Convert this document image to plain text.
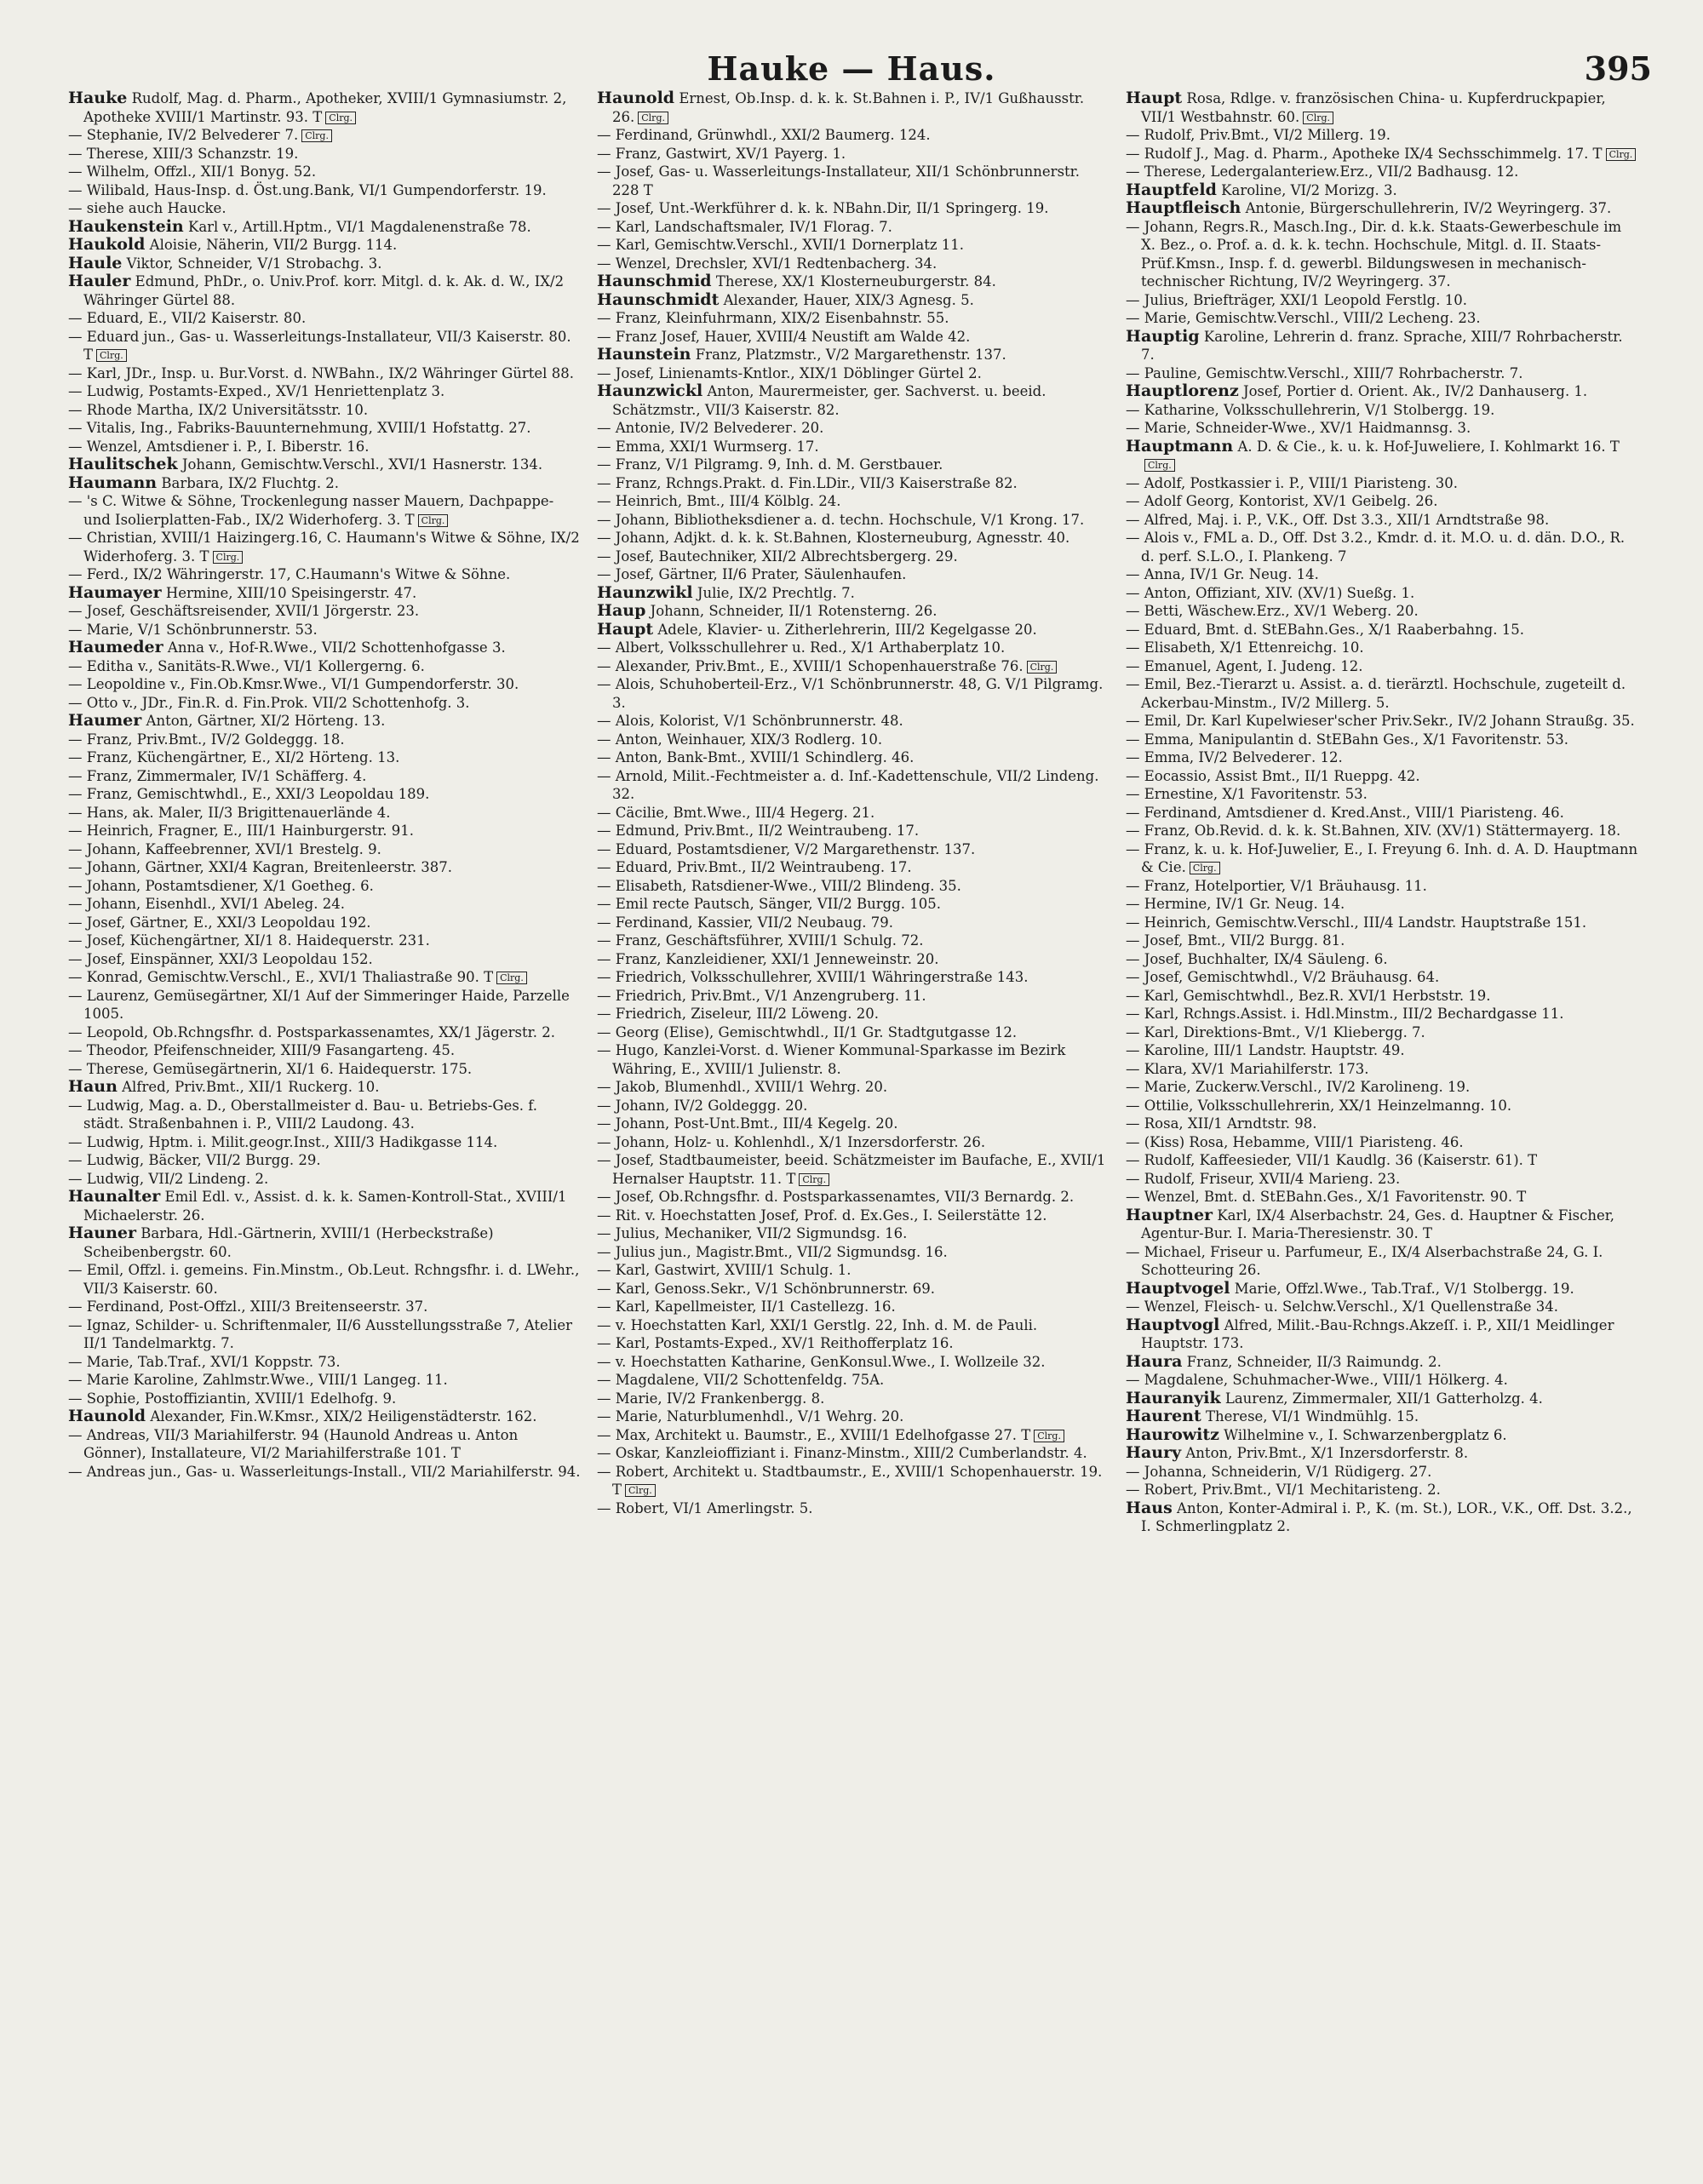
Hauke — Haus.	395

Hauke Rudolf, Mag. d. Pharm., Apotheker, XVIII/1 Gymnasiumstr. 2, Apotheke XVIII/1 Martinstr. 93. T Clrg.

— Stephanie, IV/2 Belvederег 7. Clrg.

— Therese, XIII/3 Schanzstr. 19.

— Wilhelm, Offzl., XII/1 Bonyg. 52.

— Wilibald, Haus-Insp. d. Öst.ung.Bank, VI/1 Gumpendorferstr. 19.

— siehe auch Haucke.

Haukenstein Karl v., Artill.Hptm., VI/1 Magdalenenstraße 78.

Haukold Aloisie, Näherin, VII/2 Burgg. 114.

Haule Viktor, Schneider, V/1 Strobachg. 3.

Hauler Edmund, PhDr., o. Univ.Prof. korr. Mitgl. d. k. Ak. d. W., IX/2 Währinger Gürtel 88.

— Eduard, E., VII/2 Kaiserstr. 80.

— Eduard jun., Gas- u. Wasserleitungs-Installateur, VII/3 Kaiserstr. 80. T Clrg.

— Karl, JDr., Insp. u. Bur.Vorst. d. NWBahn., IX/2 Währinger Gürtel 88.

— Ludwig, Postamts-Exped., XV/1 Henriettenplatz 3.

— Rhode Martha, IX/2 Universitätsstr. 10.

— Vitalis, Ing., Fabriks-Bauunternehmung, XVIII/1 Hofstattg. 27.

— Wenzel, Amtsdiener i. P., I. Biberstr. 16.

Haulitschek Johann, Gemischtw.Verschl., XVI/1 Hasnerstr. 134.

Haumann Barbara, IX/2 Fluchtg. 2.

— 's C. Witwe & Söhne, Trockenlegung nasser Mauern, Dachpappe- und Isolierplatten-Fab., IX/2 Widerhoferg. 3. T Clrg.

— Christian, XVIII/1 Haizingerg.16, C. Haumann's Witwe & Söhne, IX/2 Widerhoferg. 3. T Clrg.

— Ferd., IX/2 Währingerstr. 17, C.Haumann's Witwe & Söhne.

Haumayer Hermine, XIII/10 Speisingerstr. 47.

— Josef, Geschäftsreisender, XVII/1 Jörgerstr. 23.

— Marie, V/1 Schönbrunnerstr. 53.

Haumeder Anna v., Hof-R.Wwe., VII/2 Schottenhofgasse 3.

— Editha v., Sanitäts-R.Wwe., VI/1 Kollergerng. 6.

— Leopoldine v., Fin.Ob.Kmsr.Wwe., VI/1 Gumpendorferstr. 30.

— Otto v., JDr., Fin.R. d. Fin.Prok. VII/2 Schottenhofg. 3.

Haumer Anton, Gärtner, XI/2 Hörteng. 13.

— Franz, Priv.Bmt., IV/2 Goldeggg. 18.

— Franz, Küchengärtner, E., XI/2 Hörteng. 13.

— Franz, Zimmermaler, IV/1 Schäfferg. 4.

— Franz, Gemischtwhdl., E., XXI/3 Leopoldau 189.

— Hans, ak. Maler, II/3 Brigittenauerlände 4.

— Heinrich, Fragner, E., III/1 Hainburgerstr. 91.

— Johann, Kaffeebrenner, XVI/1 Brestelg. 9.

— Johann, Gärtner, XXI/4 Kagran, Breitenleerstr. 387.

— Johann, Postamtsdiener, X/1 Goetheg. 6.

— Johann, Eisenhdl., XVI/1 Abeleg. 24.

— Josef, Gärtner, E., XXI/3 Leopoldau 192.

— Josef, Küchengärtner, XI/1 8. Haidequerstr. 231.

— Josef, Einspänner, XXI/3 Leopoldau 152.

— Konrad, Gemischtw.Verschl., E., XVI/1 Thaliastraße 90. T Clrg.

— Laurenz, Gemüsegärtner, XI/1 Auf der Simmeringer Haide, Parzelle 1005.

— Leopold, Ob.Rchngsfhr. d. Postsparkassenamtes, XX/1 Jägerstr. 2.

— Theodor, Pfeifenschneider, XIII/9 Fasangarteng. 45.

— Therese, Gemüsegärtnerin, XI/1 6. Haidequerstr. 175.

Haun Alfred, Priv.Bmt., XII/1 Ruckerg. 10.

— Ludwig, Mag. a. D., Oberstallmeister d. Bau- u. Betriebs-Ges. f. städt. Straßenbahnen i. P., VIII/2 Laudong. 43.

— Ludwig, Hptm. i. Milit.geogr.Inst., XIII/3 Hadikgasse 114.

— Ludwig, Bäcker, VII/2 Burgg. 29.

— Ludwig, VII/2 Lindeng. 2.

Haunalter Emil Edl. v., Assist. d. k. k. Samen-Kontroll-Stat., XVIII/1 Michaelerstr. 26.

Hauner Barbara, Hdl.-Gärtnerin, XVIII/1 (Herbeckstraße) Scheibenbergstr. 60.

— Emil, Offzl. i. gemeins. Fin.Minstm., Ob.Leut. Rchngsfhr. i. d. LWehr., VII/3 Kaiserstr. 60.

— Ferdinand, Post-Offzl., XIII/3 Breitenseerstr. 37.

— Ignaz, Schilder- u. Schriftenmaler, II/6 Ausstellungsstraße 7, Atelier II/1 Tandelmarktg. 7.

— Marie, Tab.Traf., XVI/1 Koppstr. 73.

— Marie Karoline, Zahlmstr.Wwe., VIII/1 Langeg. 11.

— Sophie, Postoffizіantin, XVIII/1 Edelhofg. 9.

Haunold Alexander, Fin.W.Kmsr., XIX/2 Heiligenstädterstr. 162.

— Andreas, VII/3 Mariahilferstr. 94 (Haunold Andreas u. Anton Gönner), Installateure, VI/2 Mariahilferstraße 101. T

— Andreas jun., Gas- u. Wasserleitungs-Install., VII/2 Mariahilferstr. 94.

Haunold Ernest, Ob.Insp. d. k. k. St.Bahnen i. P., IV/1 Gußhausstr. 26. Clrg.

— Ferdinand, Grünwhdl., XXI/2 Baumerg. 124.

— Franz, Gastwirt, XV/1 Payerg. 1.

— Josef, Gas- u. Wasserleitungs-Installateur, XII/1 Schönbrunnerstr. 228 T

— Josef, Unt.-Werkführer d. k. k. NBahn.Dir, II/1 Springerg. 19.

— Karl, Landschaftsmaler, IV/1 Florag. 7.

— Karl, Gemischtw.Verschl., XVII/1 Dornerplatz 11.

— Wenzel, Drechsler, XVI/1 Redtenbacherg. 34.

Haunschmid Therese, XX/1 Klosterneuburgerstr. 84.

Haunschmidt Alexander, Hauer, XIX/3 Agnesg. 5.

— Franz, Kleinfuhrmann, XIX/2 Eisenbahnstr. 55.

— Franz Josef, Hauer, XVIII/4 Neustift am Walde 42.

Haunstein Franz, Platzmstr., V/2 Margarethenstr. 137.

— Josef, Linienamts-Kntlor., XIX/1 Döblinger Gürtel 2.

Haunzwickl Anton, Maurermeister, ger. Sachverst. u. beeid. Schätzmstr., VII/3 Kaiserstr. 82.

— Antonie, IV/2 Belvederег. 20.

— Emma, XXI/1 Wurmserg. 17.

— Franz, V/1 Pilgramg. 9, Inh. d. M. Gerstbauer.

— Franz, Rchngs.Prakt. d. Fin.LDir., VII/3 Kaiserstraße 82.

— Heinrich, Bmt., III/4 Kölblg. 24.

— Johann, Bibliotheksdiener a. d. techn. Hochschule, V/1 Krong. 17.

— Johann, Adjkt. d. k. k. St.Bahnen, Klosterneuburg, Agnesstr. 40.

— Josef, Bautechniker, XII/2 Albrechtsbergerg. 29.

— Josef, Gärtner, II/6 Prater, Säulenhaufen.

Haunzwikl Julie, IX/2 Prechtlg. 7.

Haup Johann, Schneider, II/1 Rotensterng. 26.

Haupt Adele, Klavier- u. Zitherlehrerin, III/2 Kegelgasse 20.

— Albert, Volksschullehrer u. Red., X/1 Arthaberplatz 10.

— Alexander, Priv.Bmt., E., XVIII/1 Schopenhauerstraße 76. Clrg.

— Alois, Schuhoberteil-Erz., V/1 Schönbrunnerstr. 48, G. V/1 Pilgramg. 3.

— Alois, Kolorist, V/1 Schönbrunnerstr. 48.

— Anton, Weinhauer, XIX/3 Rodlerg. 10.

— Anton, Bank-Bmt., XVIII/1 Schindlerg. 46.

— Arnold, Milit.-Fechtmeister a. d. Inf.-Kadettenschule, VII/2 Lindeng. 32.

— Cäcilie, Bmt.Wwe., III/4 Hegerg. 21.

— Edmund, Priv.Bmt., II/2 Weintraubeng. 17.

— Eduard, Postamtsdiener, V/2 Margarethenstr. 137.

— Eduard, Priv.Bmt., II/2 Weintraubeng. 17.

— Elisabeth, Ratsdiener-Wwe., VIII/2 Blindeng. 35.

— Emil recte Pautsch, Sänger, VII/2 Burgg. 105.

— Ferdinand, Kassier, VII/2 Neubaug. 79.

— Franz, Geschäftsführer, XVIII/1 Schulg. 72.

— Franz, Kanzleidiener, XXI/1 Jenneweinstr. 20.

— Friedrich, Volksschullehrer, XVIII/1 Währingerstraße 143.

— Friedrich, Priv.Bmt., V/1 Anzengruberg. 11.

— Friedrich, Ziseleur, III/2 Löweng. 20.

— Georg (Elise), Gemischtwhdl., II/1 Gr. Stadtgutgasse 12.

— Hugo, Kanzlei-Vorst. d. Wiener Kommunal-Sparkasse im Bezirk Währing, E., XVIII/1 Julienstr. 8.

— Jakob, Blumenhdl., XVIII/1 Wehrg. 20.

— Johann, IV/2 Goldeggg. 20.

— Johann, Post-Unt.Bmt., III/4 Kegelg. 20.

— Johann, Holz- u. Kohlenhdl., X/1 Inzersdorferstr. 26.

— Josef, Stadtbaumeister, beeid. Schätzmeister im Baufache, E., XVII/1 Hernalser Hauptstr. 11. T Clrg.

— Josef, Ob.Rchngsfhr. d. Postsparkassenamtes, VII/3 Bernardg. 2.

— Rit. v. Hoechstatten Josef, Prof. d. Ex.Ges., I. Seilerstätte 12.

— Julius, Mechaniker, VII/2 Sigmundsg. 16.

— Julius jun., Magistr.Bmt., VII/2 Sigmundsg. 16.

— Karl, Gastwirt, XVIII/1 Schulg. 1.

— Karl, Genoss.Sekr., V/1 Schönbrunnerstr. 69.

— Karl, Kapellmeister, II/1 Castellezg. 16.

— v. Hoechstatten Karl, XXI/1 Gerstlg. 22, Inh. d. M. de Pauli.

— Karl, Postamts-Exped., XV/1 Reithofferplatz 16.

— v. Hoechstatten Katharine, GenKonsul.Wwe., I. Wollzeile 32.

— Magdalene, VII/2 Schottenfeldg. 75A.

— Marie, IV/2 Frankenbergg. 8.

— Marie, Naturblumenhdl., V/1 Wehrg. 20.

— Max, Architekt u. Baumstr., E., XVIII/1 Edelhofgasse 27. T Clrg.

— Oskar, Kanzleioffiziant i. Finanz-Minstm., XIII/2 Cumberlandstr. 4.

— Robert, Architekt u. Stadtbaumstr., E., XVIII/1 Schopenhauerstr. 19. T Clrg.

— Robert, VI/1 Amerlingstr. 5.

Haupt Rosa, Rdlge. v. französischen China- u. Kupferdruckpapier, VII/1 Westbahnstr. 60. Clrg.

— Rudolf, Priv.Bmt., VI/2 Millerg. 19.

— Rudolf J., Mag. d. Pharm., Apotheke IX/4 Sechsschimmelg. 17. T Clrg.

— Therese, Ledergalanteriew.Erz., VII/2 Badhausg. 12.

Hauptfeld Karoline, VI/2 Morizg. 3.

Hauptfleisch Antonie, Bürgerschullehrerin, IV/2 Weyringerg. 37.

— Johann, Regrs.R., Masch.Ing., Dir. d. k.k. Staats-Gewerbeschule im X. Bez., o. Prof. a. d. k. k. techn. Hochschule, Mitgl. d. II. Staats-Prüf.Kmsn., Insp. f. d. gewerbl. Bildungswesen in mechanisch-technischer Richtung, IV/2 Weyringerg. 37.

— Julius, Briefträger, XXI/1 Leopold Ferstlg. 10.

— Marie, Gemischtw.Verschl., VIII/2 Lecheng. 23.

Hauptig Karoline, Lehrerin d. franz. Sprache, XIII/7 Rohrbacherstr. 7.

— Pauline, Gemischtw.Verschl., XIII/7 Rohrbacherstr. 7.

Hauptlorenz Josef, Portier d. Orient. Ak., IV/2 Danhauserg. 1.

— Katharine, Volksschullehrerin, V/1 Stolbergg. 19.

— Marie, Schneider-Wwe., XV/1 Haidmannsg. 3.

Hauptmann A. D. & Cie., k. u. k. Hof-Juweliere, I. Kohlmarkt 16. TClrg.

— Adolf, Postkassier i. P., VIII/1 Piaristeng. 30.

— Adolf Georg, Kontorist, XV/1 Geibelg. 26.

— Alfred, Maj. i. P., V.K., Off. Dst 3.3., XII/1 Arndtstraße 98.

— Alois v., FML a. D., Off. Dst 3.2., Kmdr. d. it. M.O. u. d. dän. D.O., R. d. perf. S.L.O., I. Plankeng. 7

— Anna, IV/1 Gr. Neug. 14.

— Anton, Offiziant, XIV. (XV/1) Sueßg. 1.

— Betti, Wäschew.Erz., XV/1 Weberg. 20.

— Eduard, Bmt. d. StEBahn.Ges., X/1 Raaberbahng. 15.

— Elisabeth, X/1 Ettenreichg. 10.

— Emanuel, Agent, I. Judeng. 12.

— Emil, Bez.-Tierarzt u. Assist. a. d. tierärztl. Hochschule, zugeteilt d. Ackerbau-Minstm., IV/2 Millerg. 5.

— Emil, Dr. Karl Kupelwieser'scher Priv.Sekr., IV/2 Johann Straußg. 35.

— Emma, Manipulantin d. StEBahn Ges., X/1 Favoritenstr. 53.

— Emma, IV/2 Belvederег. 12.

— Eocassio, Assist Bmt., II/1 Rueppg. 42.

— Ernestine, X/1 Favoritenstr. 53.

— Ferdinand, Amtsdiener d. Kred.Anst., VIII/1 Piaristeng. 46.

— Franz, Ob.Revid. d. k. k. St.Bahnen, XIV. (XV/1) Stättermayerg. 18.

— Franz, k. u. k. Hof-Juwelier, E., I. Freyung 6. Inh. d. A. D. Hauptmann & Cie. Clrg.

— Franz, Hotelportier, V/1 Bräuhausg. 11.

— Hermine, IV/1 Gr. Neug. 14.

— Heinrich, Gemischtw.Verschl., III/4 Landstr. Hauptstraße 151.

— Josef, Bmt., VII/2 Burgg. 81.

— Josef, Buchhalter, IX/4 Säuleng. 6.

— Josef, Gemischtwhdl., V/2 Bräuhausg. 64.

— Karl, Gemischtwhdl., Bez.R. XVI/1 Herbststr. 19.

— Karl, Rchngs.Assist. i. Hdl.Minstm., III/2 Bechardgasse 11.

— Karl, Direktions-Bmt., V/1 Kliebergg. 7.

— Karoline, III/1 Landstr. Hauptstr. 49.

— Klara, XV/1 Mariahilferstr. 173.

— Marie, Zuckerw.Verschl., IV/2 Karolineng. 19.

— Ottilie, Volksschullehrerin, XX/1 Heinzelmanng. 10.

— Rosa, XII/1 Arndtstr. 98.

— (Kiss) Rosa, Hebamme, VIII/1 Piaristeng. 46.

— Rudolf, Kaffeesieder, VII/1 Kaudlg. 36 (Kaiserstr. 61). T

— Rudolf, Friseur, XVII/4 Marieng. 23.

— Wenzel, Bmt. d. StEBahn.Ges., X/1 Favoritenstr. 90. T

Hauptner Karl, IX/4 Alserbachstr. 24, Ges. d. Hauptner & Fischer, Agentur-Bur. I. Maria-Theresienstr. 30. T

— Michael, Friseur u. Parfumeur, E., IX/4 Alserbachstraße 24, G. I. Schotteuring 26.

Hauptvogel Marie, Offzl.Wwe., Tab.Traf., V/1 Stolbergg. 19.

— Wenzel, Fleisch- u. Selchw.Verschl., X/1 Quellenstraße 34.

Hauptvogl Alfred, Milit.-Bau-Rchngs.Akzeſſ. i. P., XII/1 Meidlinger Hauptstr. 173.

Haura Franz, Schneider, II/3 Raimundg. 2.

— Magdalene, Schuhmacher-Wwe., VIII/1 Hölkerg. 4.

Hauranyik Laurenz, Zimmermaler, XII/1 Gatterholzg. 4.

Haurent Therese, VI/1 Windmühlg. 15.

Haurowitz Wilhelmine v., I. Schwarzenbergplatz 6.

Haury Anton, Priv.Bmt., X/1 Inzersdorferstr. 8.

— Johanna, Schneiderin, V/1 Rüdigerg. 27.

— Robert, Priv.Bmt., VI/1 Mechitaristeng. 2.

Haus Anton, Konter-Admiral i. P., K. (m. St.), LOR., V.K., Off. Dst. 3.2., I. Schmerlingplatz 2.
